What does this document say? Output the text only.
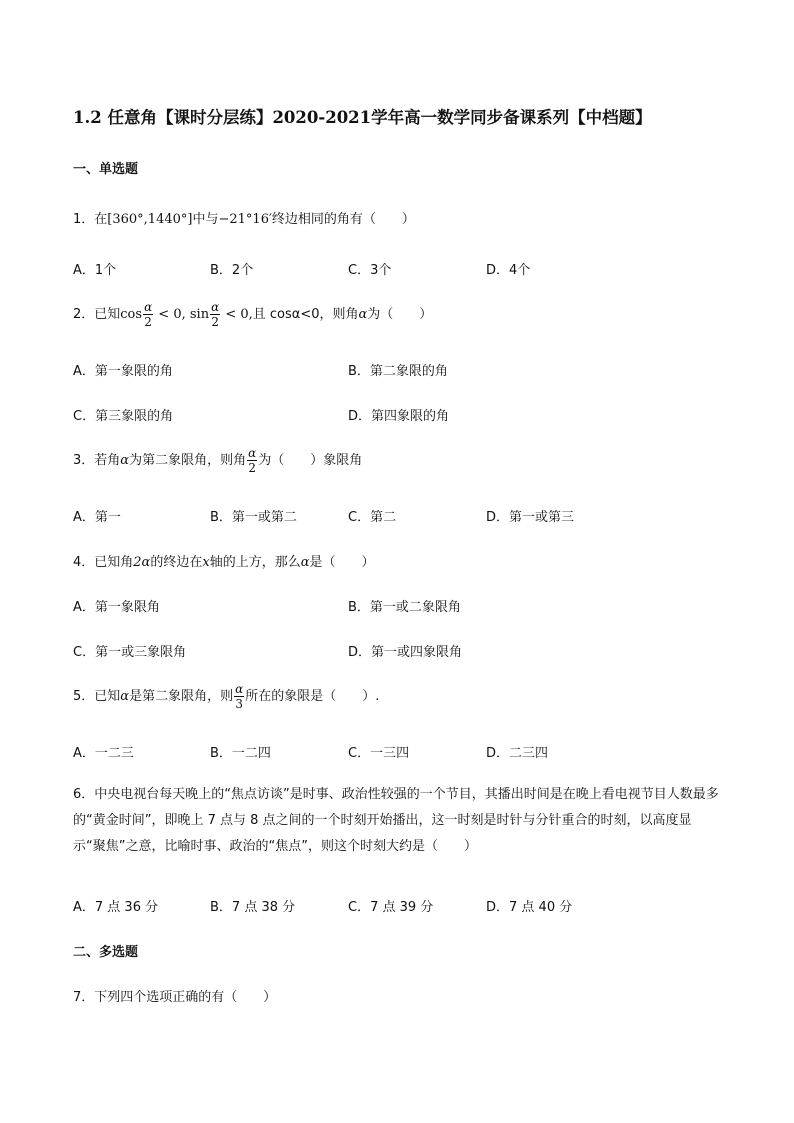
1.2 任意角【课时分层练】2020-2021学年高一数学同步备课系列【中档题】
一、单选题
1．在[360°,1440°]中与−21°16′终边相同的角有（　　）
A．1个	B．2个	C．3个	D．4个
2．已知$\cos \frac{\alpha}{2} < 0$, $\sin \frac{\alpha}{2} < 0$,且 cosα<0，则角α为（　　）
A．第一象限的角	B．第二象限的角
C．第三象限的角	D．第四象限的角
3．若角α为第二象限角，则角 $\frac{\alpha}{2}$ 为（　　）象限角
A．第一	B．第一或第二	C．第二	D．第一或第三
4．已知角2α的终边在x轴的上方，那么α是（　　）
A．第一象限角	B．第一或二象限角
C．第一或三象限角	D．第一或四象限角
5．已知α是第二象限角，则 $\frac{\alpha}{3}$ 所在的象限是（　　）.
A．一二三	B．一二四	C．一三四	D．二三四
6．中央电视台每天晚上的“焦点访谈”是时事、政治性较强的一个节目，其播出时间是在晚上看电视节目人数最多的“黄金时间”，即晚上 7 点与 8 点之间的一个时刻开始播出，这一时刻是时针与分针重合的时刻，以高度显示“聚焦”之意，比喻时事、政治的“焦点”，则这个时刻大约是（　　）
A．7 点 36 分	B．7 点 38 分	C．7 点 39 分	D．7 点 40 分
二、多选题
7．下列四个选项正确的有（　　）
